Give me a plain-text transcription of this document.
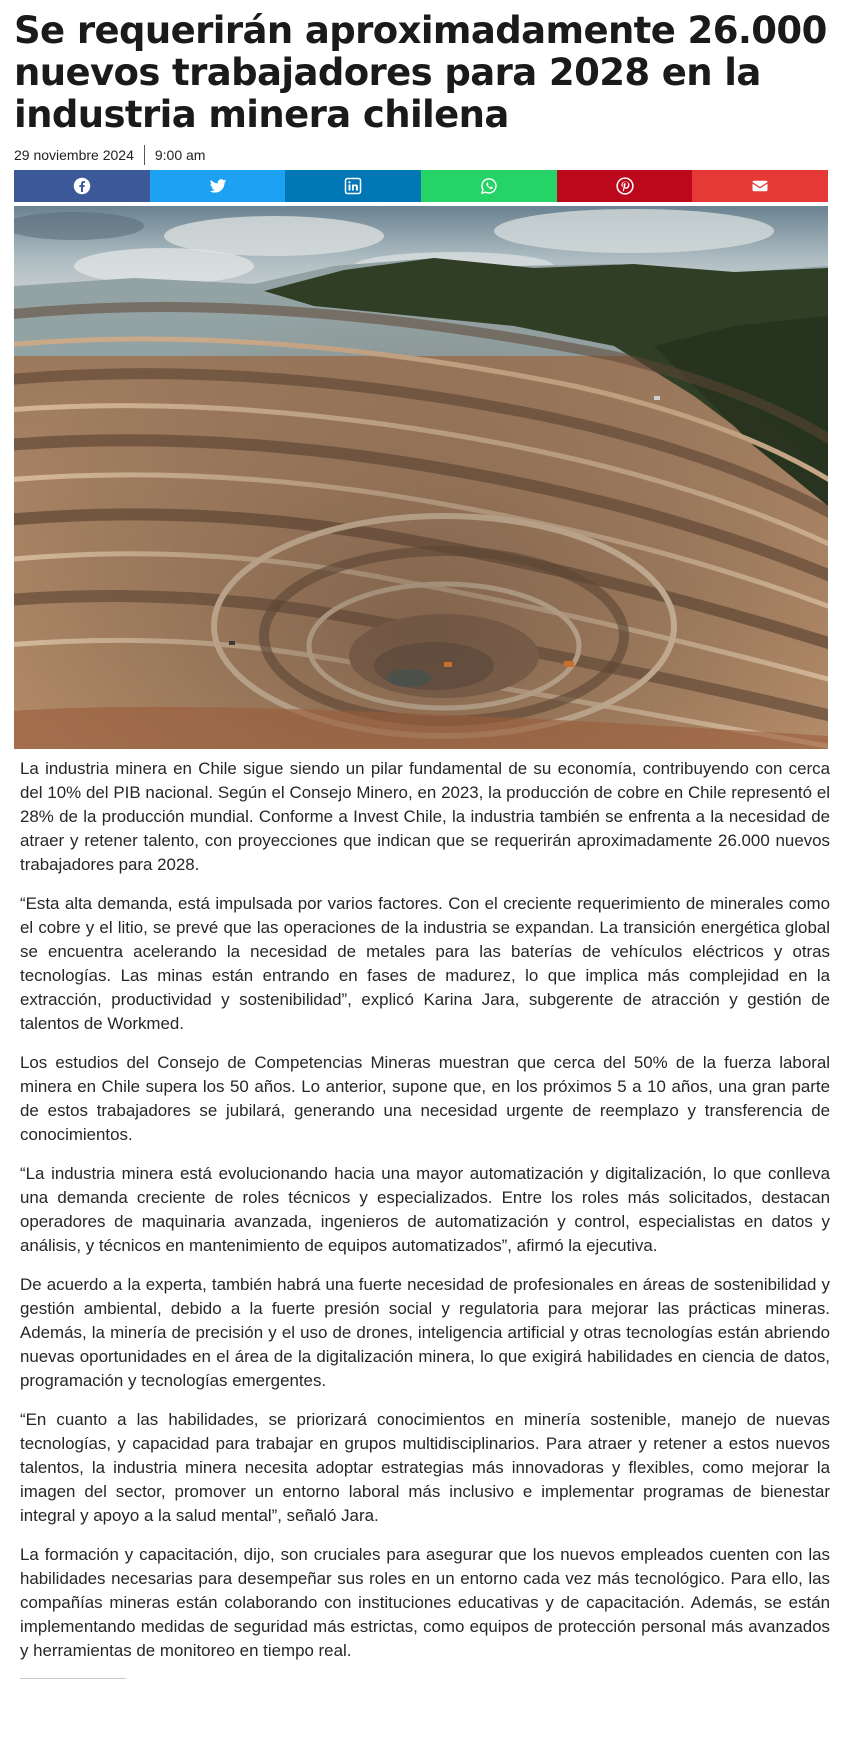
Se requerirán aproximadamente 26.000 nuevos trabajadores para 2028 en la industria minera chilena
29 noviembre 2024 9:00 am

La industria minera en Chile sigue siendo un pilar fundamental de su economía, contribuyendo con cerca del 10% del PIB nacional. Según el Consejo Minero, en 2023, la producción de cobre en Chile representó el 28% de la producción mundial. Conforme a Invest Chile, la industria también se enfrenta a la necesidad de atraer y retener talento, con proyecciones que indican que se requerirán aproximadamente 26.000 nuevos trabajadores para 2028.

“Esta alta demanda, está impulsada por varios factores. Con el creciente requerimiento de minerales como el cobre y el litio, se prevé que las operaciones de la industria se expandan. La transición energética global se encuentra acelerando la necesidad de metales para las baterías de vehículos eléctricos y otras tecnologías. Las minas están entrando en fases de madurez, lo que implica más complejidad en la extracción, productividad y sostenibilidad”, explicó Karina Jara, subgerente de atracción y gestión de talentos de Workmed.

Los estudios del Consejo de Competencias Mineras muestran que cerca del 50% de la fuerza laboral minera en Chile supera los 50 años. Lo anterior, supone que, en los próximos 5 a 10 años, una gran parte de estos trabajadores se jubilará, generando una necesidad urgente de reemplazo y transferencia de conocimientos.

“La industria minera está evolucionando hacia una mayor automatización y digitalización, lo que conlleva una demanda creciente de roles técnicos y especializados. Entre los roles más solicitados, destacan operadores de maquinaria avanzada, ingenieros de automatización y control, especialistas en datos y análisis, y técnicos en mantenimiento de equipos automatizados”, afirmó la ejecutiva.

De acuerdo a la experta, también habrá una fuerte necesidad de profesionales en áreas de sostenibilidad y gestión ambiental, debido a la fuerte presión social y regulatoria para mejorar las prácticas mineras. Además, la minería de precisión y el uso de drones, inteligencia artificial y otras tecnologías están abriendo nuevas oportunidades en el área de la digitalización minera, lo que exigirá habilidades en ciencia de datos, programación y tecnologías emergentes.

“En cuanto a las habilidades, se priorizará conocimientos en minería sostenible, manejo de nuevas tecnologías, y capacidad para trabajar en grupos multidisciplinarios. Para atraer y retener a estos nuevos talentos, la industria minera necesita adoptar estrategias más innovadoras y flexibles, como mejorar la imagen del sector, promover un entorno laboral más inclusivo e implementar programas de bienestar integral y apoyo a la salud mental”, señaló Jara.

La formación y capacitación, dijo, son cruciales para asegurar que los nuevos empleados cuenten con las habilidades necesarias para desempeñar sus roles en un entorno cada vez más tecnológico. Para ello, las compañías mineras están colaborando con instituciones educativas y de capacitación. Además, se están implementando medidas de seguridad más estrictas, como equipos de protección personal más avanzados y herramientas de monitoreo en tiempo real.
